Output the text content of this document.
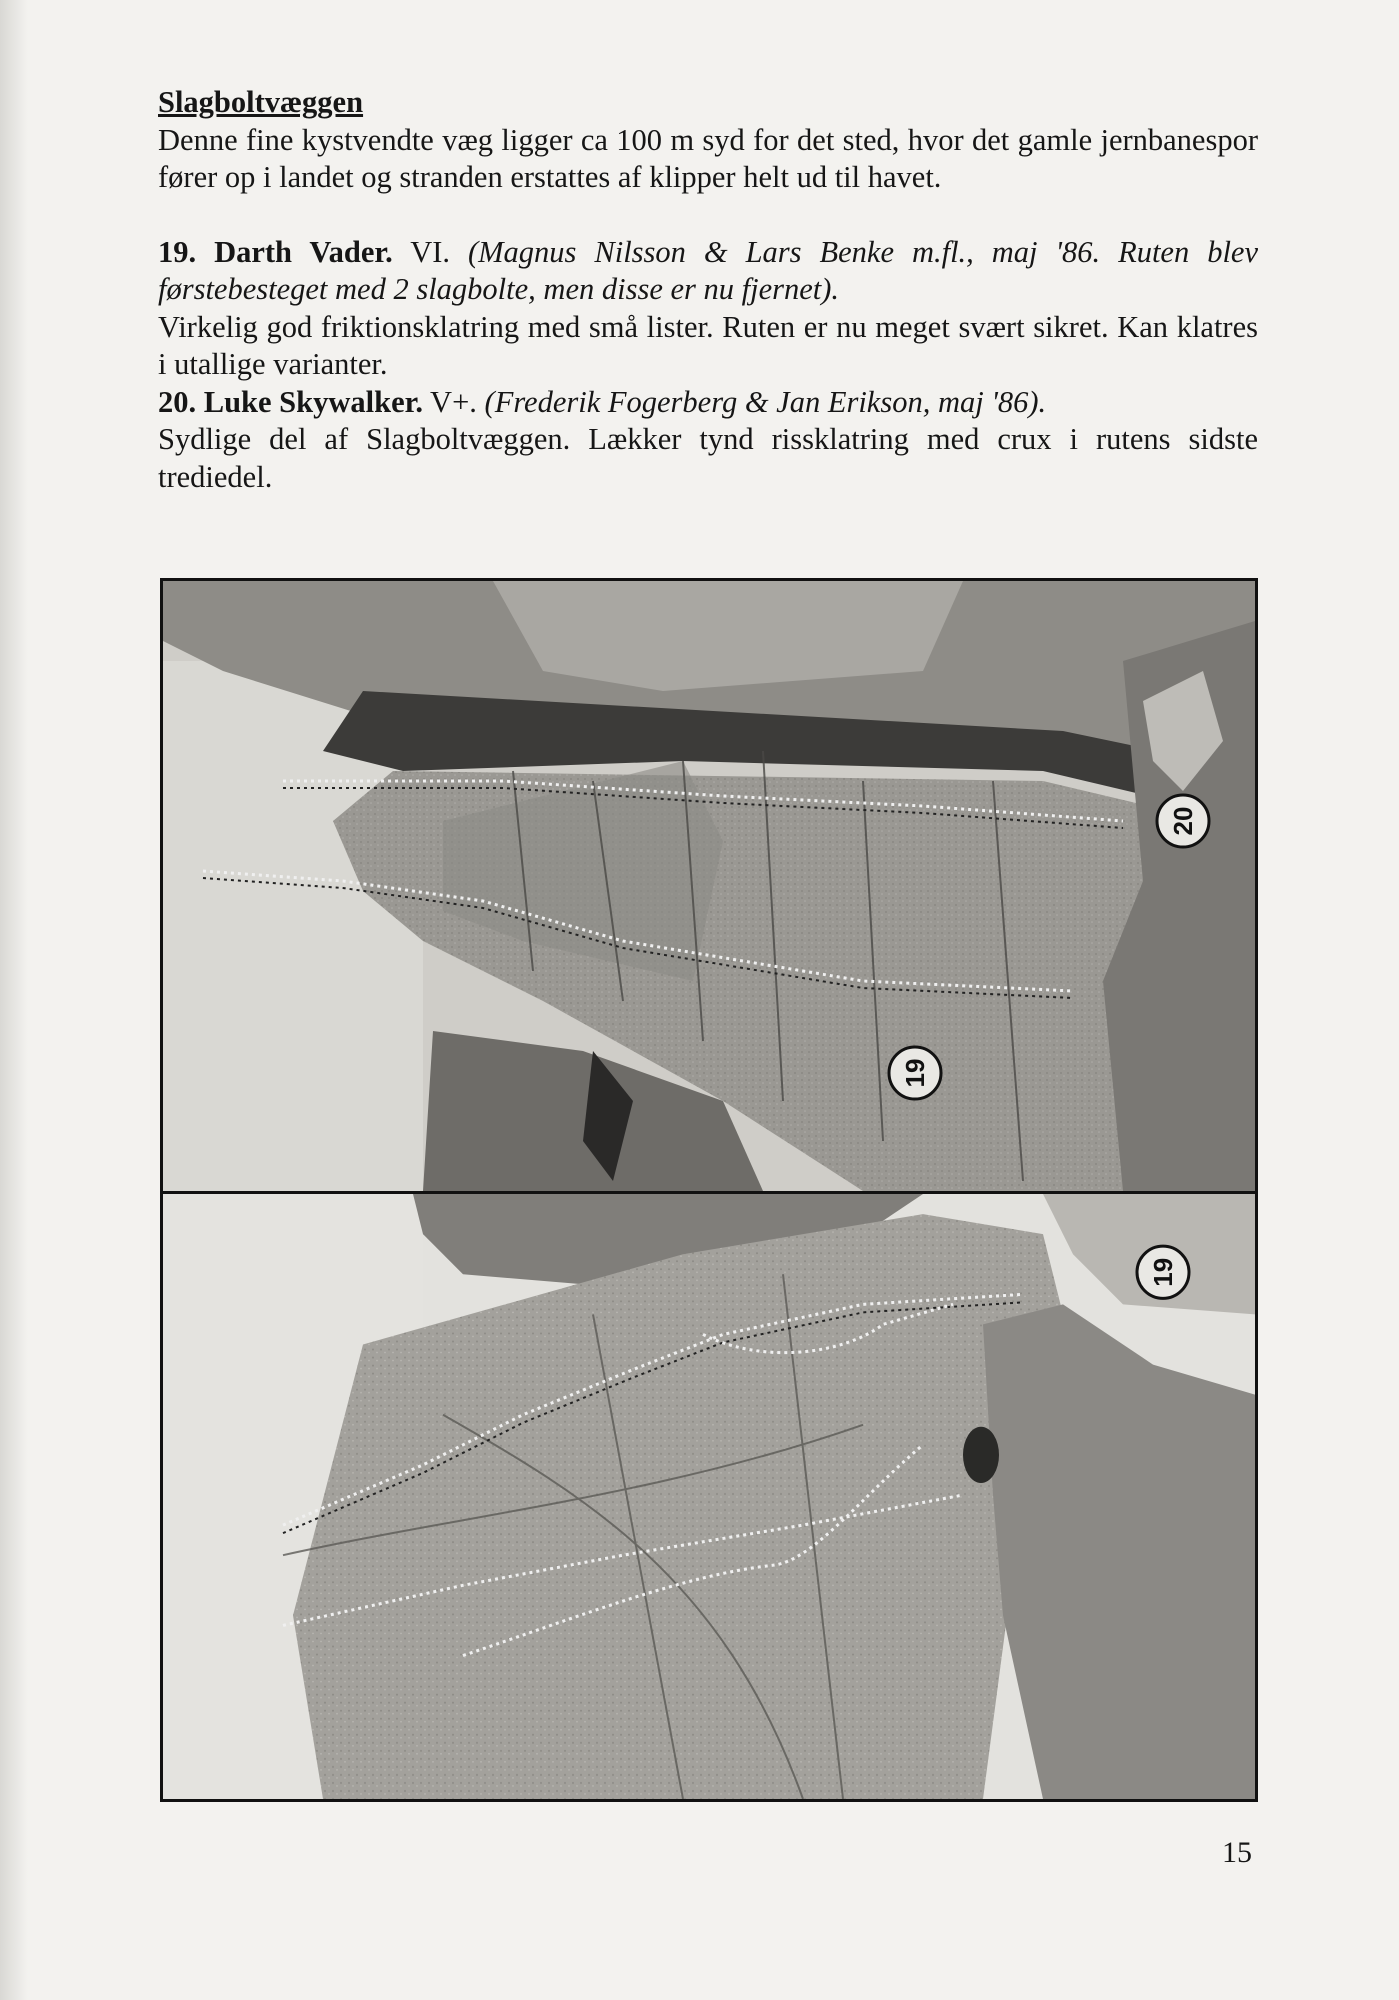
Slagboltvæggen

Denne fine kystvendte væg ligger ca 100 m syd for det sted, hvor det gamle jernbanespor fører op i landet og stranden erstattes af klipper helt ud til havet.

19. Darth Vader. VI. (Magnus Nilsson & Lars Benke m.fl., maj '86. Ruten blev førstebesteget med 2 slagbolte, men disse er nu fjernet).

Virkelig god friktionsklatring med små lister. Ruten er nu meget svært sikret. Kan klatres i utallige varianter.

20. Luke Skywalker. V+. (Frederik Fogerberg & Jan Erikson, maj '86).

Sydlige del af Slagboltvæggen. Lækker tynd rissklatring med crux i rutens sidste trediedel.

20
19
19
15
